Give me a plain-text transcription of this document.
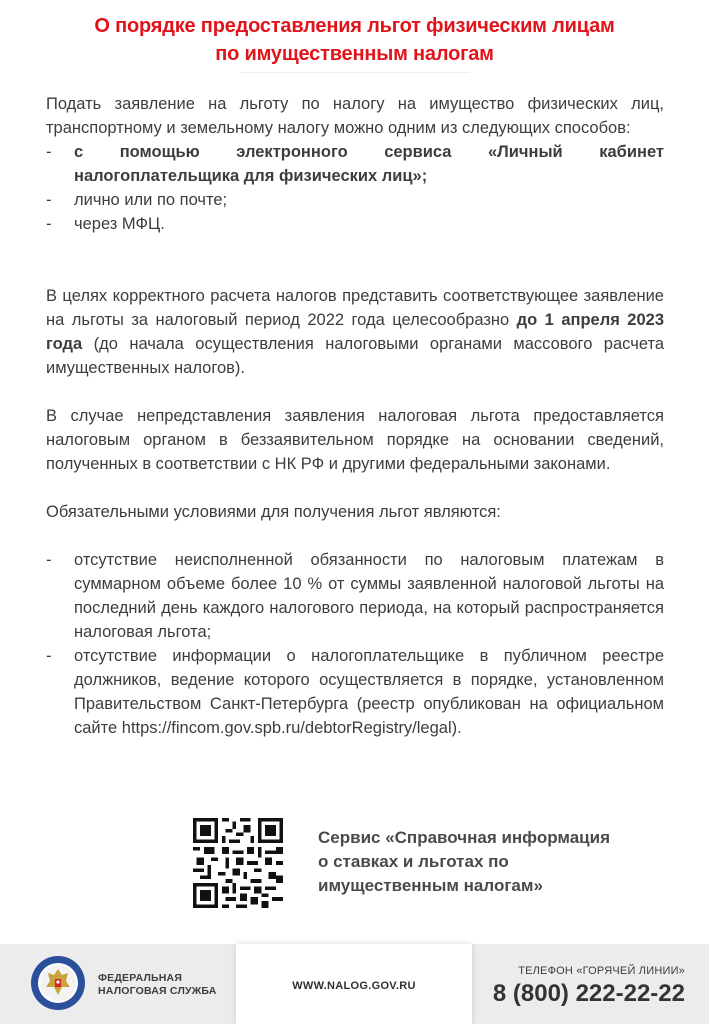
О порядке предоставления льгот физическим лицам
по имущественным налогам

Подать заявление на льготу по налогу на имущество физических лиц, транспортному и земельному налогу можно одним из следующих способов:

- с помощью электронного сервиса «Личный кабинет налогоплательщика для физических лиц»;
- лично или по почте;
- через МФЦ.

В целях корректного расчета налогов представить соответствующее заявление на льготы за налоговый период 2022 года целесообразно до 1 апреля 2023 года (до начала осуществления налоговыми органами массового расчета имущественных налогов).

В случае непредставления заявления налоговая льгота предоставляется налоговым органом в беззаявительном порядке на основании сведений, полученных в соответствии с НК РФ и другими федеральными законами.

Обязательными условиями для получения льгот являются:

- отсутствие неисполненной обязанности по налоговым платежам в суммарном объеме более 10 % от суммы заявленной налоговой льготы на последний день каждого налогового периода, на который распространяется налоговая льгота;
- отсутствие информации о налогоплательщике в публичном реестре должников, ведение которого осуществляется в порядке, установленном Правительством Санкт-Петербурга (реестр опубликован на официальном сайте https://fincom.gov.spb.ru/debtorRegistry/legal).
Сервис «Справочная информация
о ставках и льготах по
имущественным налогам»
ФЕДЕРАЛЬНАЯ
НАЛОГОВАЯ СЛУЖБА	WWW.NALOG.GOV.RU
ТЕЛЕФОН «ГОРЯЧЕЙ ЛИНИИ»
8 (800) 222-22-22
